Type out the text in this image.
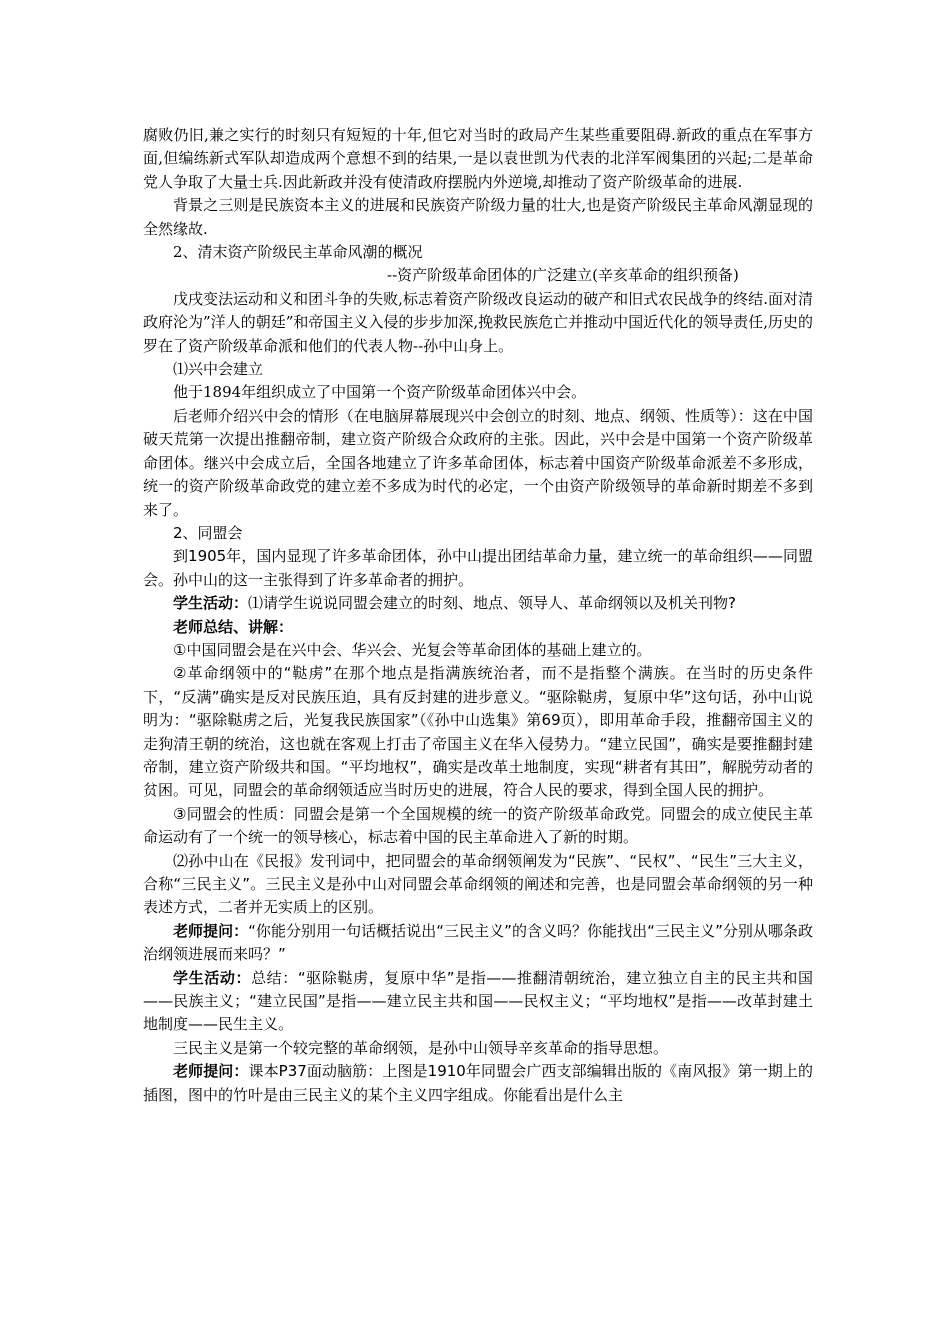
腐败仍旧,兼之实行的时刻只有短短的十年,但它对当时的政局产生某些重要阻碍.新政的重点在军事方面,但编练新式军队却造成两个意想不到的结果,一是以袁世凯为代表的北洋军阀集团的兴起;二是革命党人争取了大量士兵.因此新政并没有使清政府摆脱内外逆境,却推动了资产阶级革命的进展.

背景之三则是民族资本主义的进展和民族资产阶级力量的壮大,也是资产阶级民主革命风潮显现的全然缘故.

2、清末资产阶级民主革命风潮的概况

--资产阶级革命团体的广泛建立(辛亥革命的组织预备)

戊戌变法运动和义和团斗争的失败,标志着资产阶级改良运动的破产和旧式农民战争的终结.面对清政府沦为”洋人的朝廷”和帝国主义入侵的步步加深,挽救民族危亡并推动中国近代化的领导责任,历史的罗在了资产阶级革命派和他们的代表人物--孙中山身上。

⑴兴中会建立

他于1894年组织成立了中国第一个资产阶级革命团体兴中会。

后老师介绍兴中会的情形（在电脑屏幕展现兴中会创立的时刻、地点、纲领、性质等）：这在中国破天荒第一次提出推翻帝制，建立资产阶级合众政府的主张。因此，兴中会是中国第一个资产阶级革命团体。继兴中会成立后，全国各地建立了许多革命团体，标志着中国资产阶级革命派差不多形成，统一的资产阶级革命政党的建立差不多成为时代的必定，一个由资产阶级领导的革命新时期差不多到来了。

2、同盟会

到1905年，国内显现了许多革命团体，孙中山提出团结革命力量，建立统一的革命组织——同盟会。孙中山的这一主张得到了许多革命者的拥护。

学生活动：⑴请学生说说同盟会建立的时刻、地点、领导人、革命纲领以及机关刊物?

老师总结、讲解：

①中国同盟会是在兴中会、华兴会、光复会等革命团体的基础上建立的。

②革命纲领中的“鞑虏”在那个地点是指满族统治者，而不是指整个满族。在当时的历史条件下，“反满”确实是反对民族压迫，具有反封建的进步意义。“驱除鞑虏，复原中华”这句话，孙中山说明为：“驱除鞑虏之后，光复我民族国家”（《孙中山选集》第69页），即用革命手段，推翻帝国主义的走狗清王朝的统治，这也就在客观上打击了帝国主义在华入侵势力。“建立民国”，确实是要推翻封建帝制，建立资产阶级共和国。“平均地权”，确实是改革土地制度，实现“耕者有其田”，解脱劳动者的贫困。可见，同盟会的革命纲领适应当时历史的进展，符合人民的要求，得到全国人民的拥护。

③同盟会的性质：同盟会是第一个全国规模的统一的资产阶级革命政党。同盟会的成立使民主革命运动有了一个统一的领导核心，标志着中国的民主革命进入了新的时期。

⑵孙中山在《民报》发刊词中，把同盟会的革命纲领阐发为“民族”、“民权”、“民生”三大主义，合称“三民主义”。三民主义是孙中山对同盟会革命纲领的阐述和完善，也是同盟会革命纲领的另一种表述方式，二者并无实质上的区别。

老师提问：“你能分别用一句话概括说出“三民主义”的含义吗？你能找出“三民主义”分别从哪条政治纲领进展而来吗？”

学生活动：总结：“驱除鞑虏，复原中华”是指——推翻清朝统治，建立独立自主的民主共和国——民族主义；“建立民国”是指——建立民主共和国——民权主义；“平均地权”是指——改革封建土地制度——民生主义。

三民主义是第一个较完整的革命纲领，是孙中山领导辛亥革命的指导思想。

老师提问：课本P37面动脑筋：上图是1910年同盟会广西支部编辑出版的《南风报》第一期上的插图，图中的竹叶是由三民主义的某个主义四字组成。你能看出是什么主
